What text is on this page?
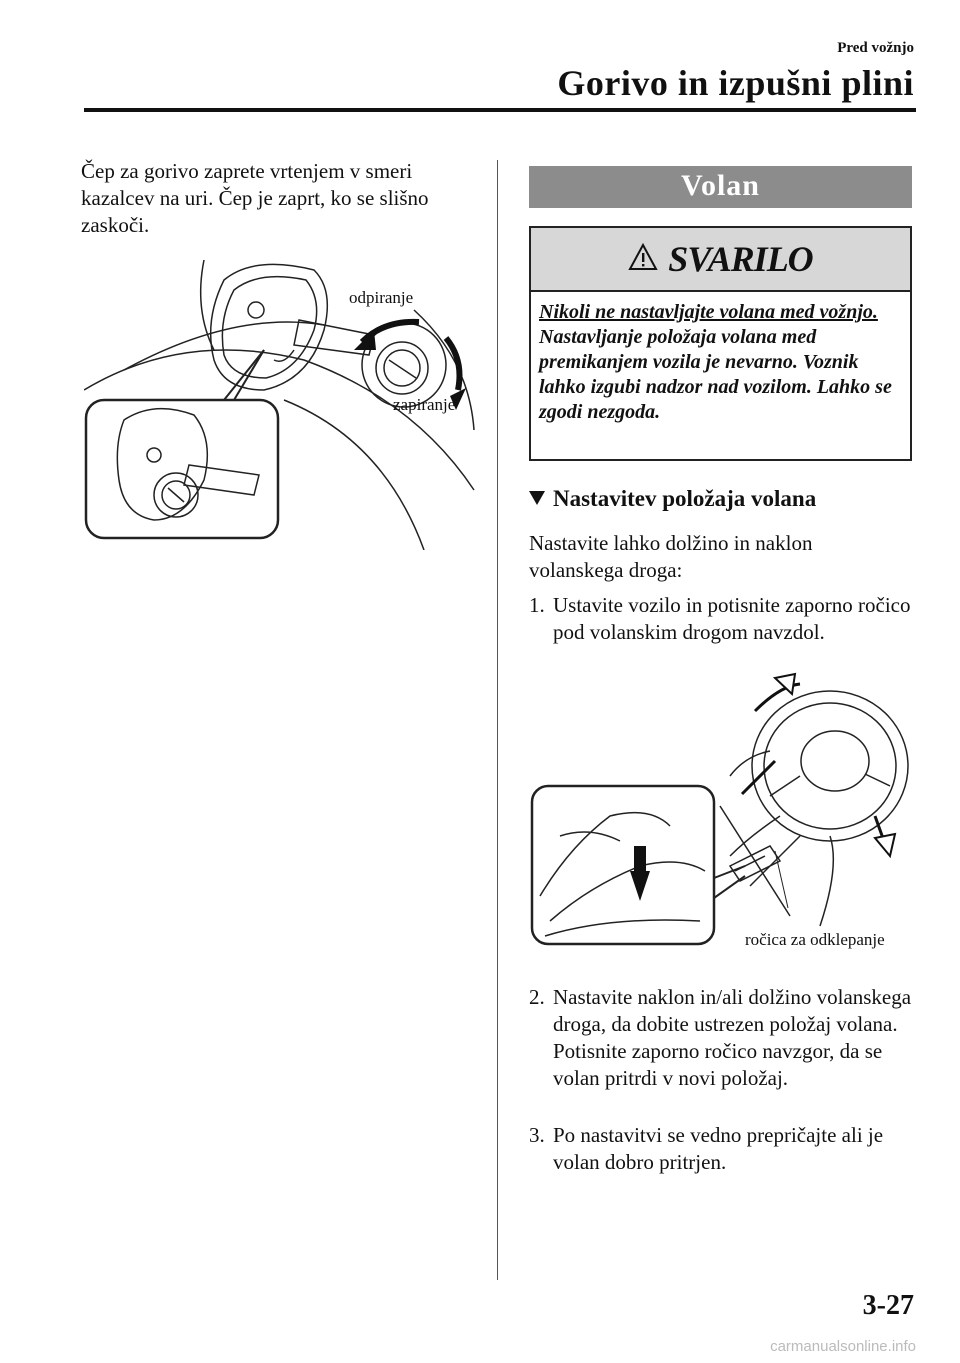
Pred vožnjo
Gorivo in izpušni plini
Čep za gorivo zaprete vrtenjem v smeri kazalcev na uri. Čep je zaprt, ko se slišno zaskoči.
odpiranje
zapiranje
Volan
SVARILO
Nikoli ne nastavljajte volana med vožnjo.
Nastavljanje položaja volana med premikanjem vozila je nevarno. Voznik lahko izgubi nadzor nad vozilom. Lahko se zgodi nezgoda.
Nastavitev položaja volana
Nastavite lahko dolžino in naklon volanskega droga:
1. Ustavite vozilo in potisnite zaporno ročico pod volanskim drogom navzdol.
ročica za odklepanje
2. Nastavite naklon in/ali dolžino volanskega droga, da dobite ustrezen položaj volana. Potisnite zaporno ročico navzgor, da se volan pritrdi v novi položaj.
3. Po nastavitvi se vedno prepričajte ali je volan dobro pritrjen.
3-27
carmanualsonline.info
